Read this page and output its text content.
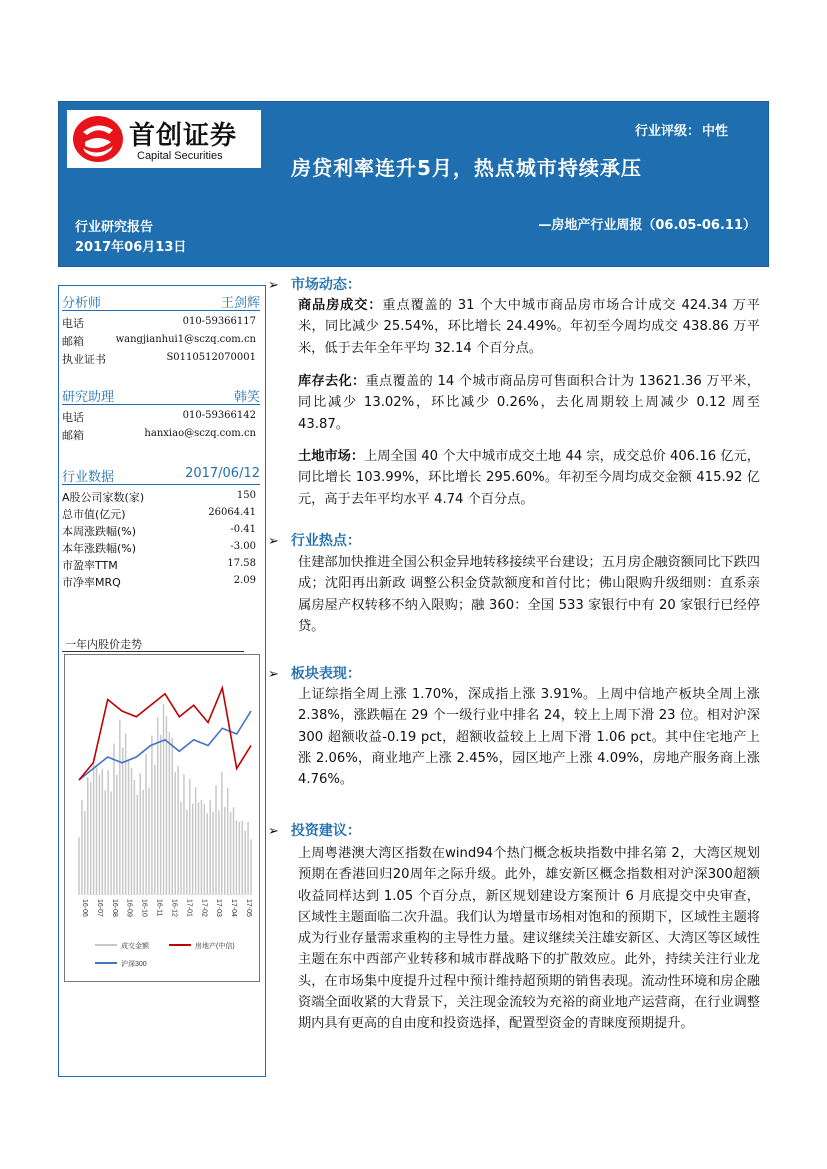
首创证券
Capital Securities
行业评级： 中性
房贷利率连升5月，热点城市持续承压
行业研究报告
2017年06月13日
—房地产行业周报（06.05-06.11）
分析师	王剑辉
电话	010-59366117
邮箱	wangjianhui1@sczq.com.cn
执业证书	S0110512070001
研究助理	韩笑
电话	010-59366142
邮箱	hanxiao@sczq.com.cn
行业数据	2017/06/12
A股公司家数(家)	150
总市值(亿元)	26064.41
本周涨跌幅(%)	-0.41
本年涨跌幅(%)	-3.00
市盈率TTM	17.58
市净率MRQ	2.09
一年内股价走势
16-06 16-07 16-08 16-09 16-10 16-11 16-12 17-01 17-02 17-03 17-04 17-05
成交金额	房地产(中信)
沪深300
➢ 市场动态：

商品房成交：重点覆盖的 31 个大中城市商品房市场合计成交 424.34 万平米，同比减少 25.54%，环比增长 24.49%。年初至今周均成交 438.86 万平米，低于去年全年平均 32.14 个百分点。

库存去化：重点覆盖的 14 个城市商品房可售面积合计为 13621.36 万平米，同比减少 13.02%，环比减少 0.26%，去化周期较上周减少 0.12 周至 43.87。

土地市场：上周全国 40 个大中城市成交土地 44 宗，成交总价 406.16 亿元，同比增长 103.99%，环比增长 295.60%。年初至今周均成交金额 415.92 亿元，高于去年平均水平 4.74 个百分点。

➢ 行业热点：

住建部加快推进全国公积金异地转移接续平台建设；五月房企融资额同比下跌四成；沈阳再出新政 调整公积金贷款额度和首付比；佛山限购升级细则：直系亲属房屋产权转移不纳入限购；融 360：全国 533 家银行中有 20 家银行已经停贷。

➢ 板块表现：

上证综指全周上涨 1.70%，深成指上涨 3.91%。上周中信地产板块全周上涨 2.38%，涨跌幅在 29 个一级行业中排名 24，较上上周下滑 23 位。相对沪深 300 超额收益-0.19 pct，超额收益较上上周下滑 1.06 pct。其中住宅地产上涨 2.06%，商业地产上涨 2.45%，园区地产上涨 4.09%，房地产服务商上涨 4.76%。

➢ 投资建议：

上周粤港澳大湾区指数在wind94个热门概念板块指数中排名第 2，大湾区规划预期在香港回归20周年之际升级。此外，雄安新区概念指数相对沪深300超额收益同样达到 1.05 个百分点，新区规划建设方案预计 6 月底提交中央审查，区域性主题面临二次升温。我们认为增量市场相对饱和的预期下，区域性主题将成为行业存量需求重构的主导性力量。建议继续关注雄安新区、大湾区等区域性主题在东中西部产业转移和城市群战略下的扩散效应。此外，持续关注行业龙头，在市场集中度提升过程中预计维持超预期的销售表现。流动性环境和房企融资端全面收紧的大背景下，关注现金流较为充裕的商业地产运营商，在行业调整期内具有更高的自由度和投资选择，配置型资金的青睐度预期提升。
